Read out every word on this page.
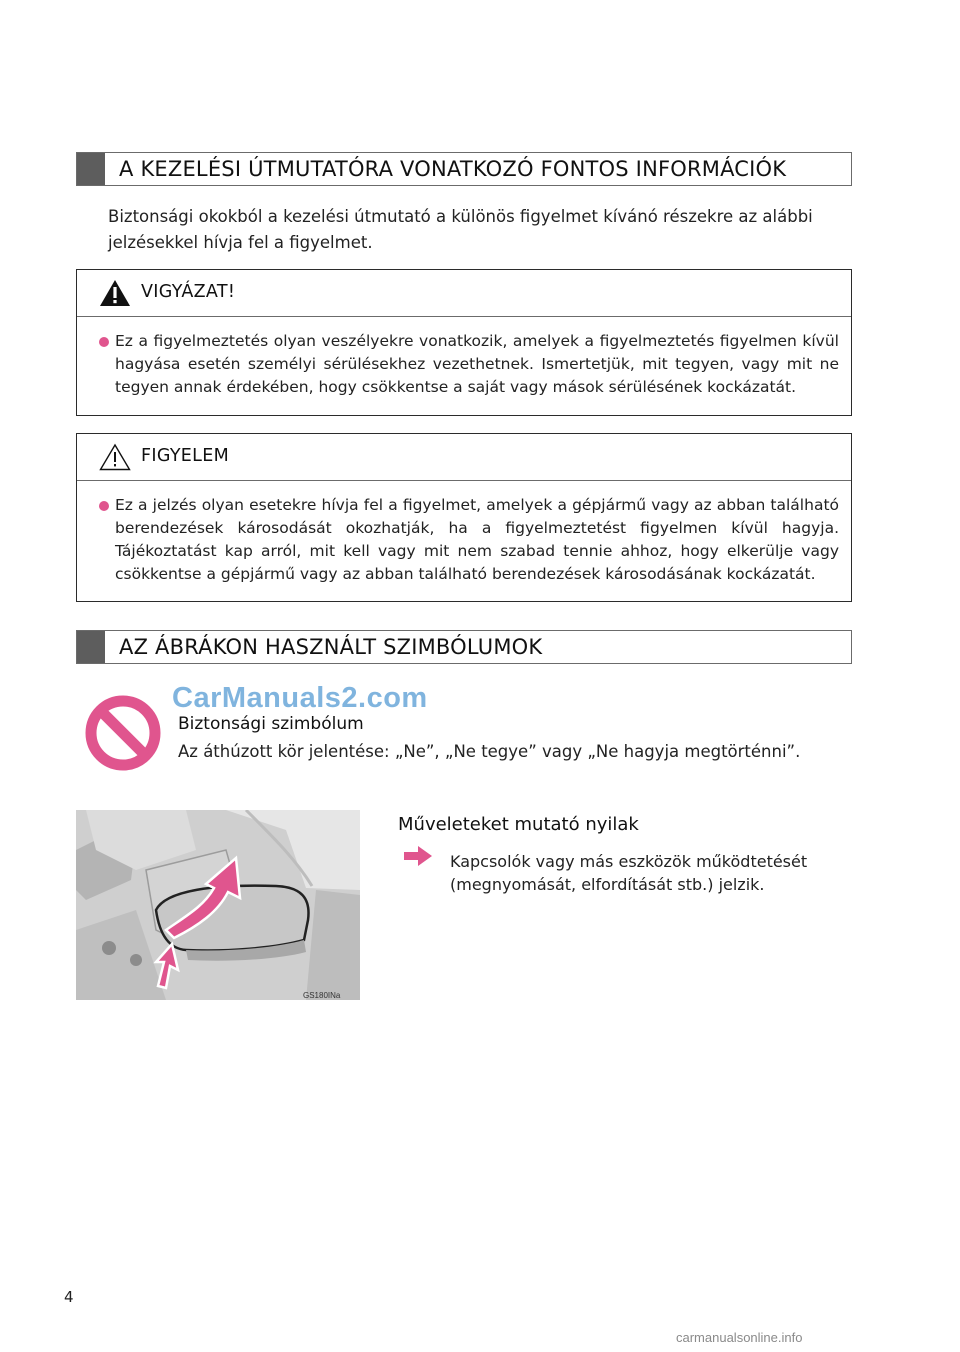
A KEZELÉSI ÚTMUTATÓRA VONATKOZÓ FONTOS INFORMÁCIÓK
Biztonsági okokból a kezelési útmutató a különös figyelmet kívánó részekre az alábbi jelzésekkel hívja fel a figyelmet.
VIGYÁZAT!
Ez a figyelmeztetés olyan veszélyekre vonatkozik, amelyek a figyelmeztetés figyelmen kívül hagyása esetén személyi sérülésekhez vezethetnek. Ismertetjük, mit tegyen, vagy mit ne tegyen annak érdekében, hogy csökkentse a saját vagy mások sérülésének kockázatát.
FIGYELEM
Ez a jelzés olyan esetekre hívja fel a figyelmet, amelyek a gépjármű vagy az abban található berendezések károsodását okozhatják, ha a figyelmeztetést figyelmen kívül hagyja. Tájékoztatást kap arról, mit kell vagy mit nem szabad tennie ahhoz, hogy elkerülje vagy csökkentse a gépjármű vagy az abban található berendezések károsodásának kockázatát.
AZ ÁBRÁKON HASZNÁLT SZIMBÓLUMOK
CarManuals2.com
Biztonsági szimbólum
Az áthúzott kör jelentése: „Ne”, „Ne tegye” vagy „Ne hagyja megtörténni”.
GS180INa
Műveleteket mutató nyilak
Kapcsolók vagy más eszközök működtetését (megnyomását, elfordítását stb.) jelzik.
4
carmanualsonline.info
